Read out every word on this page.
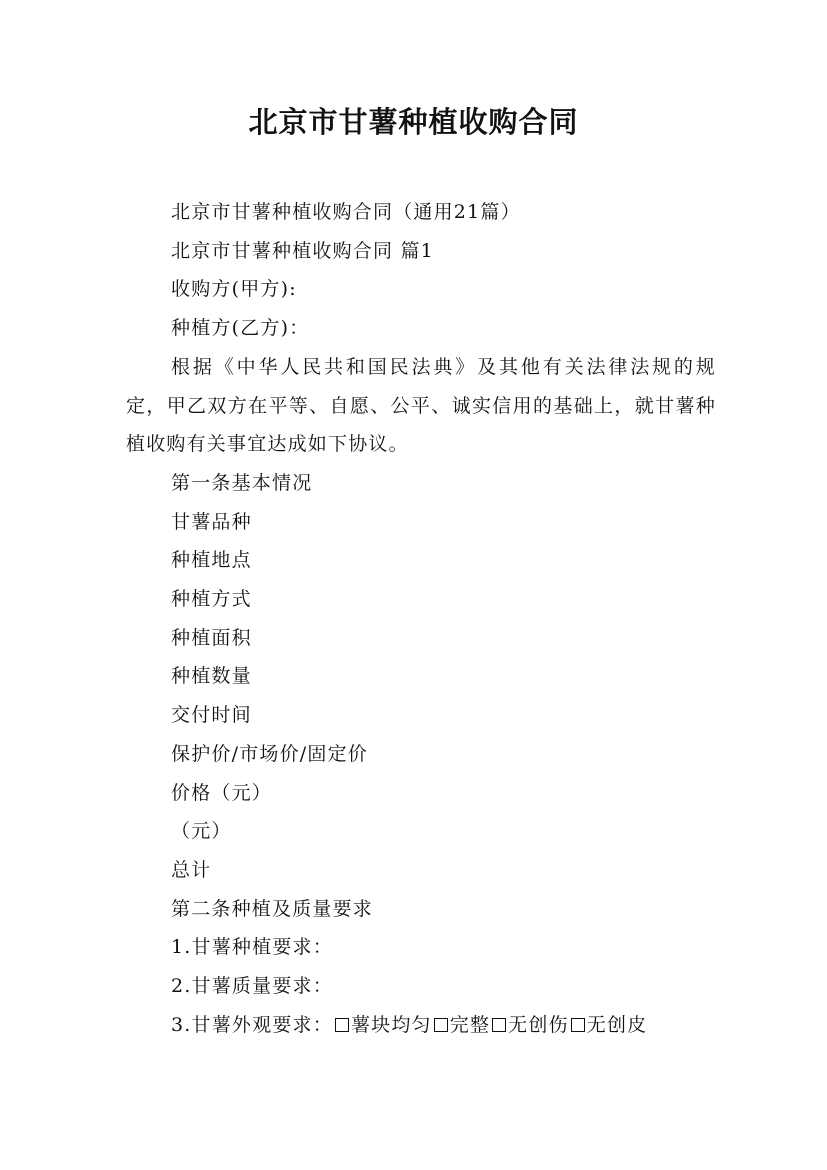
北京市甘薯种植收购合同

北京市甘薯种植收购合同（通用21篇）

北京市甘薯种植收购合同 篇1

收购方(甲方):

种植方(乙方)：

根据《中华人民共和国民法典》及其他有关法律法规的规定，甲乙双方在平等、自愿、公平、诚实信用的基础上，就甘薯种植收购有关事宜达成如下协议。

第一条基本情况

甘薯品种

种植地点

种植方式

种植面积

种植数量

交付时间

保护价/市场价/固定价

价格（元）

（元）

总计

第二条种植及质量要求

1.甘薯种植要求：

2.甘薯质量要求：

3.甘薯外观要求： 薯块均匀 完整 无创伤 无创皮
